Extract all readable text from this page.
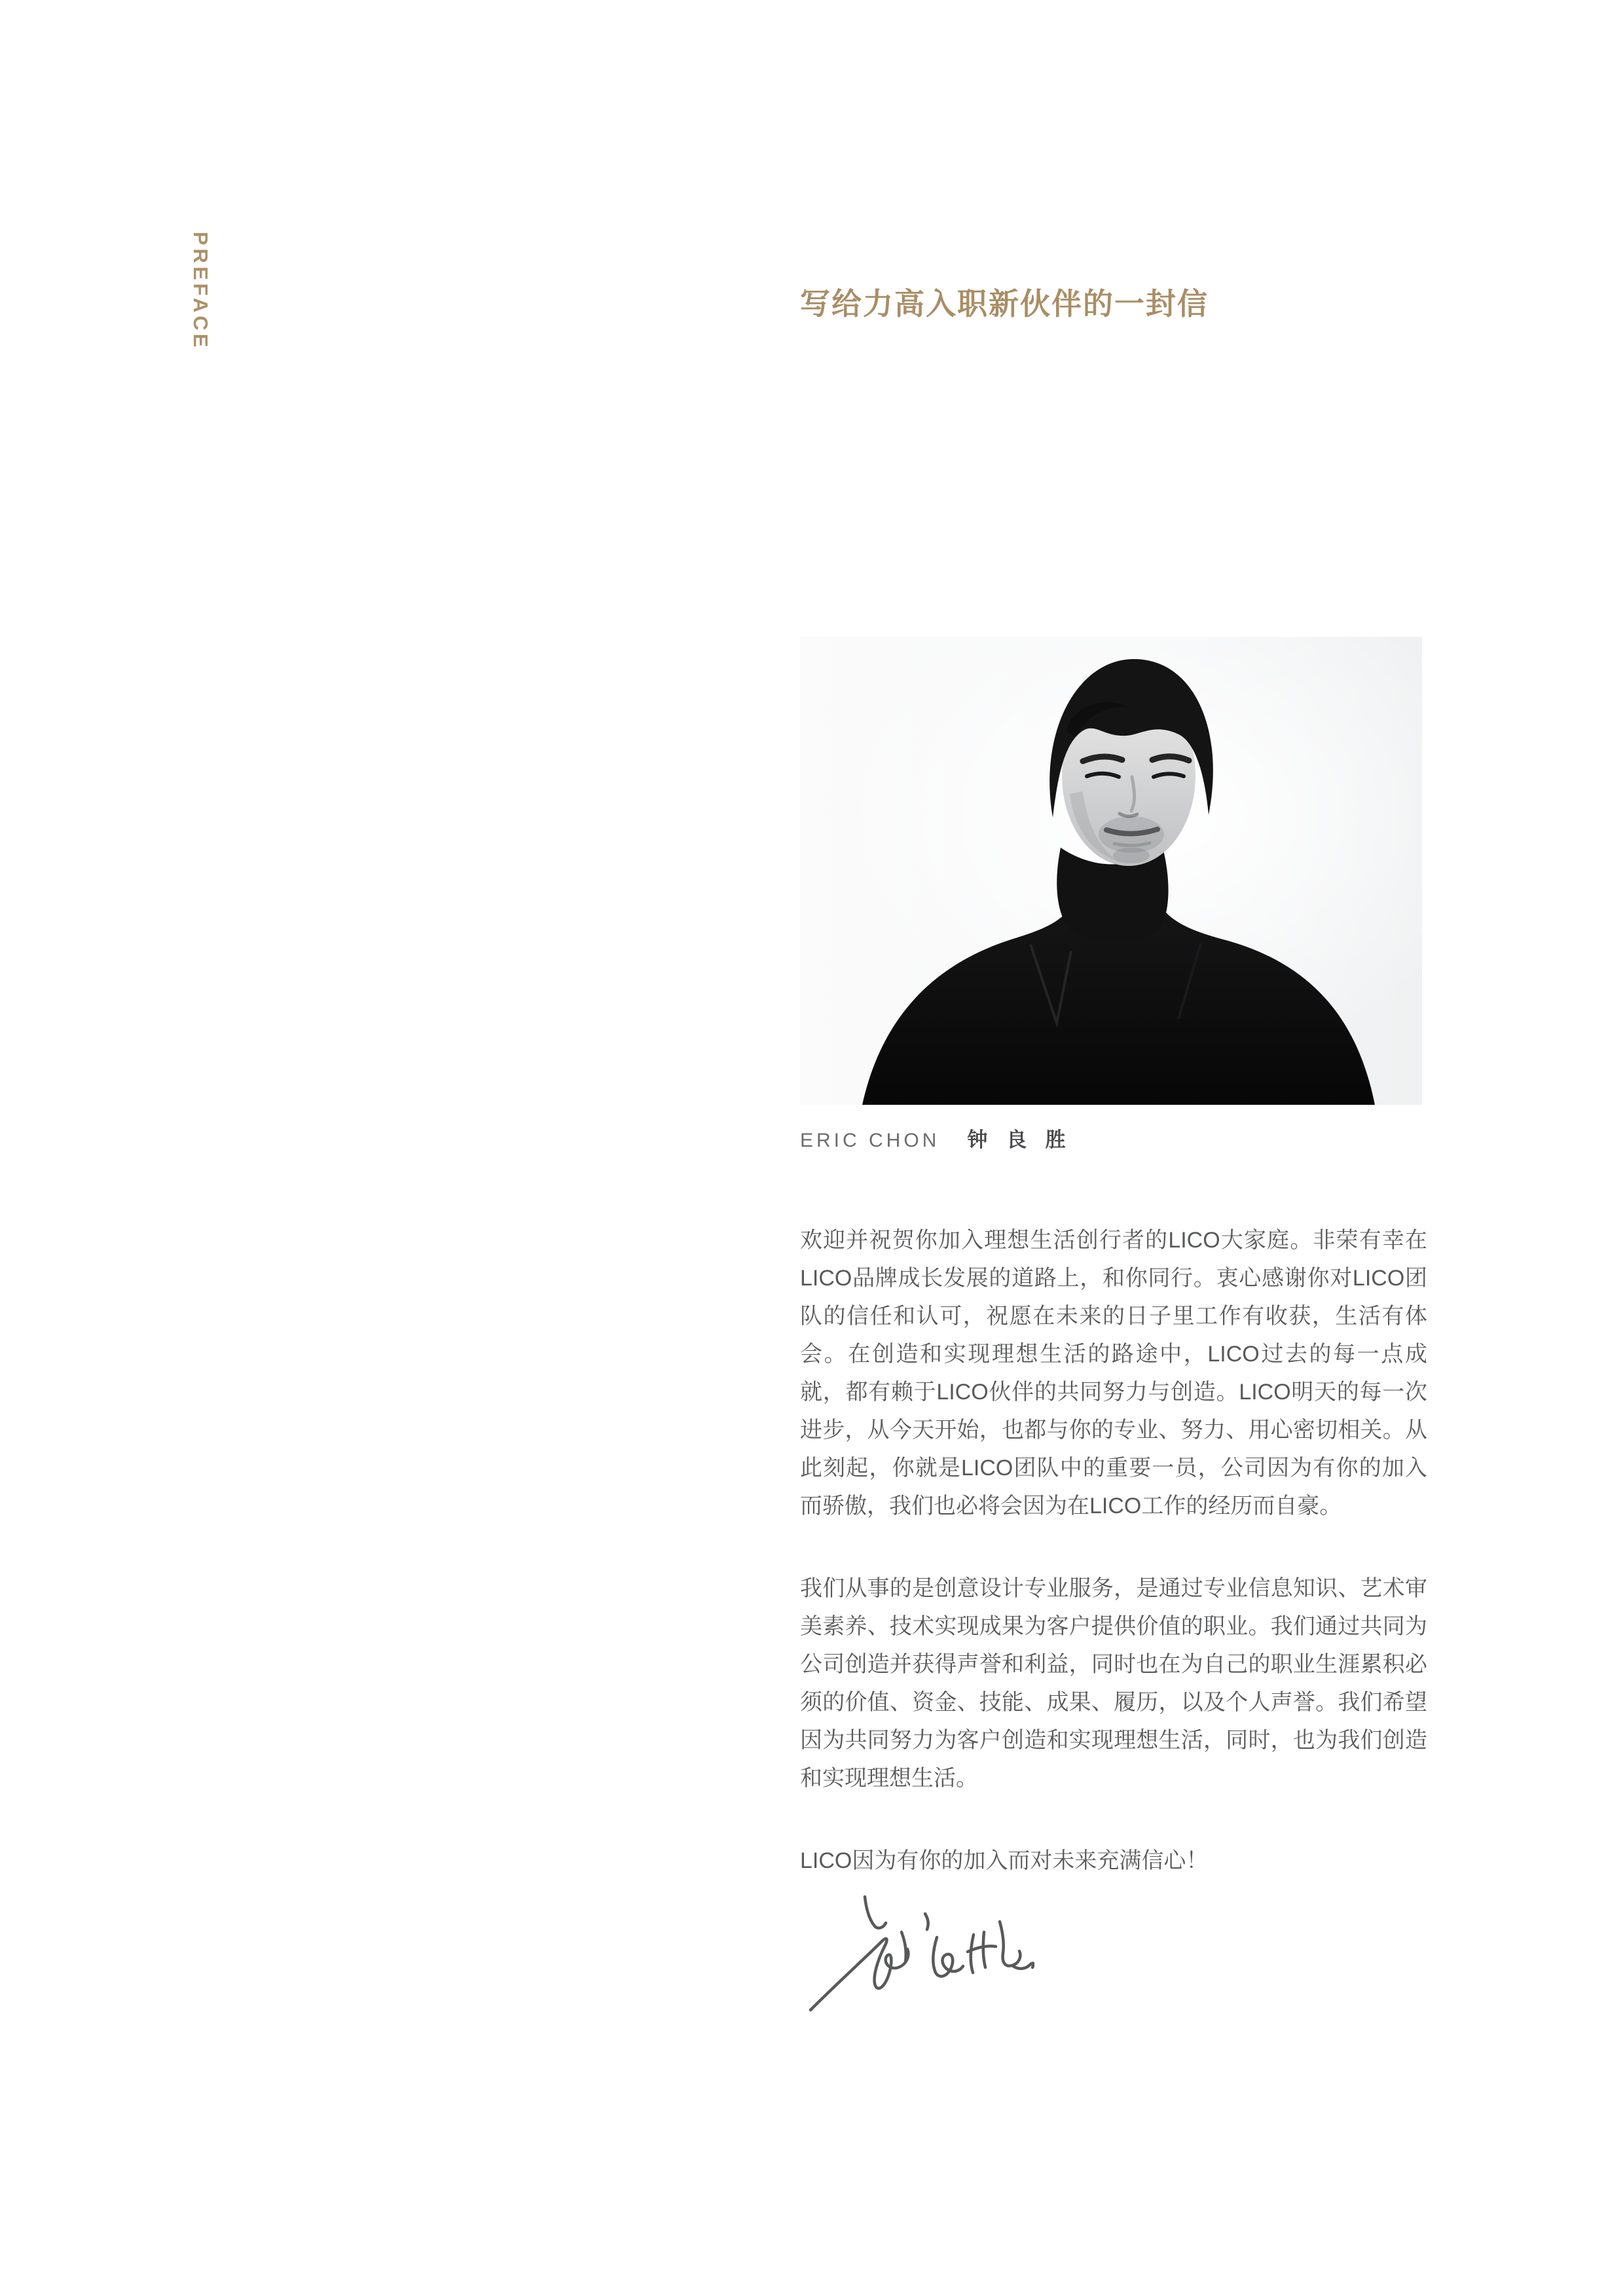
PREFACE	写给力高入职新伙伴的一封信
ERIC CHON 钟 良 胜

欢迎并祝贺你加入理想生活创行者的LICO大家庭。非荣有幸在LICO品牌成长发展的道路上，和你同行。衷心感谢你对LICO团队的信任和认可，祝愿在未来的日子里工作有收获，生活有体会。在创造和实现理想生活的路途中，LICO过去的每一点成就，都有赖于LICO伙伴的共同努力与创造。LICO明天的每一次进步，从今天开始，也都与你的专业、努力、用心密切相关。从此刻起，你就是LICO团队中的重要一员，公司因为有你的加入而骄傲，我们也必将会因为在LICO工作的经历而自豪。

我们从事的是创意设计专业服务，是通过专业信息知识、艺术审美素养、技术实现成果为客户提供价值的职业。我们通过共同为公司创造并获得声誉和利益，同时也在为自己的职业生涯累积必须的价值、资金、技能、成果、履历，以及个人声誉。我们希望因为共同努力为客户创造和实现理想生活，同时，也为我们创造和实现理想生活。

LICO因为有你的加入而对未来充满信心！
